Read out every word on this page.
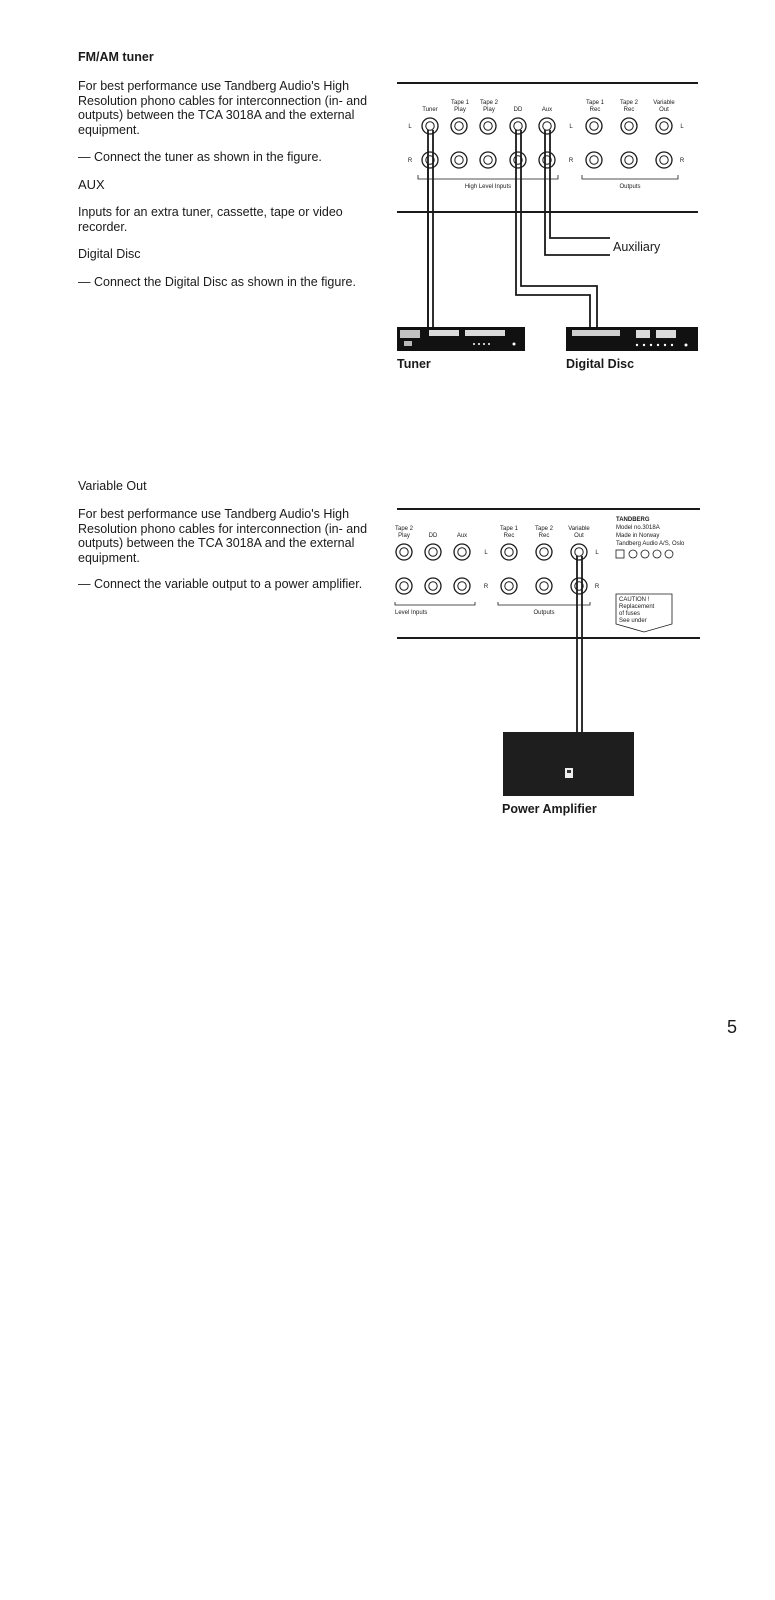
FM/AM tuner

For best performance use Tandberg Audio's High Resolution phono cables for interconnection (in- and outputs) between the TCA 3018A and the external equipment.

— Connect the tuner as shown in the figure.

AUX

Inputs for an extra tuner, cassette, tape or video recorder.

Digital Disc

— Connect the Digital Disc as shown in the figure.

Tuner
Tape 1
Play
Tape 2
Play	DD	Aux
Tape 1
Rec
Tape 2
Rec
Variable
Out
L
R
L
R
L
R
High Level Inputs	Outputs
Auxiliary
Tuner	Digital Disc

Variable Out

For best performance use Tandberg Audio's High Resolution phono cables for interconnection (in- and outputs) between the TCA 3018A and the external equipment.

— Connect the variable output to a power amplifier.

Tape 2
Play	DD	Aux
Tape 1
Rec
Tape 2
Rec
Variable
Out
L
R
L
R
Level Inputs	Outputs
TANDBERG
Model no.3018A
Made in Norway
Tandberg Audio A/S, Oslo
CAUTION !
Replacement
of fuses
See under
Power Amplifier
5
